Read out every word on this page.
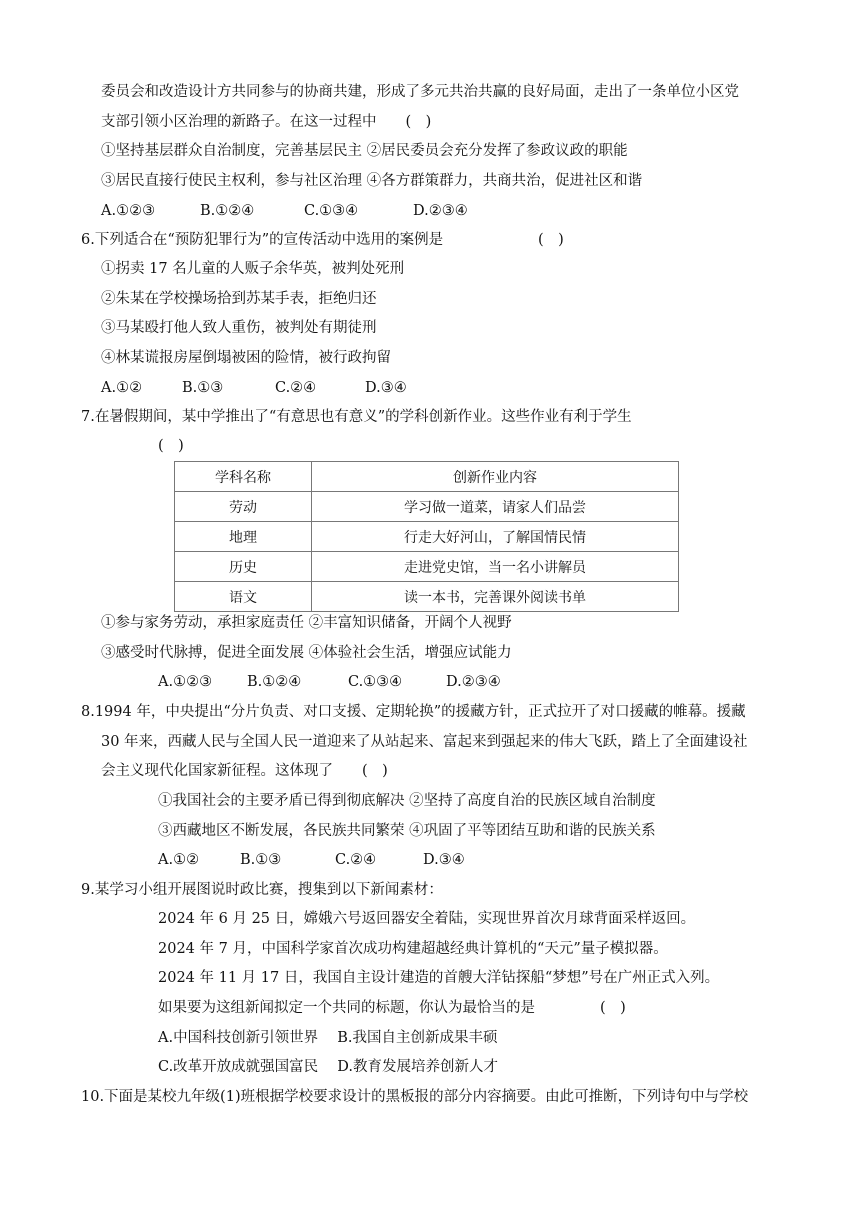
委员会和改造设计方共同参与的协商共建，形成了多元共治共赢的良好局面，走出了一条单位小区党
支部引领小区治理的新路子。在这一过程中　　(　)
①坚持基层群众自治制度，完善基层民主 ②居民委员会充分发挥了参政议政的职能
③居民直接行使民主权利，参与社区治理 ④各方群策群力，共商共治，促进社区和谐
A.①②③	B.①②④	C.①③④	D.②③④
6.下列适合在“预防犯罪行为”的宣传活动中选用的案例是	(　)
①拐卖 17 名儿童的人贩子余华英，被判处死刑
②朱某在学校操场拾到苏某手表，拒绝归还
③马某殴打他人致人重伤，被判处有期徒刑
④林某谎报房屋倒塌被困的险情，被行政拘留
A.①②	B.①③	C.②④	D.③④
7.在暑假期间，某中学推出了“有意思也有意义”的学科创新作业。这些作业有利于学生
(　)
学科名称	创新作业内容
劳动	学习做一道菜，请家人们品尝
地理	行走大好河山，了解国情民情
历史	走进党史馆，当一名小讲解员
语文	读一本书，完善课外阅读书单
①参与家务劳动，承担家庭责任 ②丰富知识储备，开阔个人视野
③感受时代脉搏，促进全面发展 ④体验社会生活，增强应试能力
A.①②③ B.①②④	C.①③④	D.②③④
8.1994 年，中央提出“分片负责、对口支援、定期轮换”的援藏方针，正式拉开了对口援藏的帷幕。援藏
30 年来，西藏人民与全国人民一道迎来了从站起来、富起来到强起来的伟大飞跃，踏上了全面建设社
会主义现代化国家新征程。这体现了　　(　)
①我国社会的主要矛盾已得到彻底解决 ②坚持了高度自治的民族区域自治制度
③西藏地区不断发展，各民族共同繁荣 ④巩固了平等团结互助和谐的民族关系
A.①②	B.①③	C.②④	D.③④
9.某学习小组开展图说时政比赛，搜集到以下新闻素材：
2024 年 6 月 25 日，嫦娥六号返回器安全着陆，实现世界首次月球背面采样返回。
2024 年 7 月，中国科学家首次成功构建超越经典计算机的“天元”量子模拟器。
2024 年 11 月 17 日，我国自主设计建造的首艘大洋钻探船“梦想”号在广州正式入列。
如果要为这组新闻拟定一个共同的标题，你认为最恰当的是	(　)
A.中国科技创新引领世界　 B.我国自主创新成果丰硕
C.改革开放成就强国富民　 D.教育发展培养创新人才
10.下面是某校九年级(1)班根据学校要求设计的黑板报的部分内容摘要。由此可推断，下列诗句中与学校
